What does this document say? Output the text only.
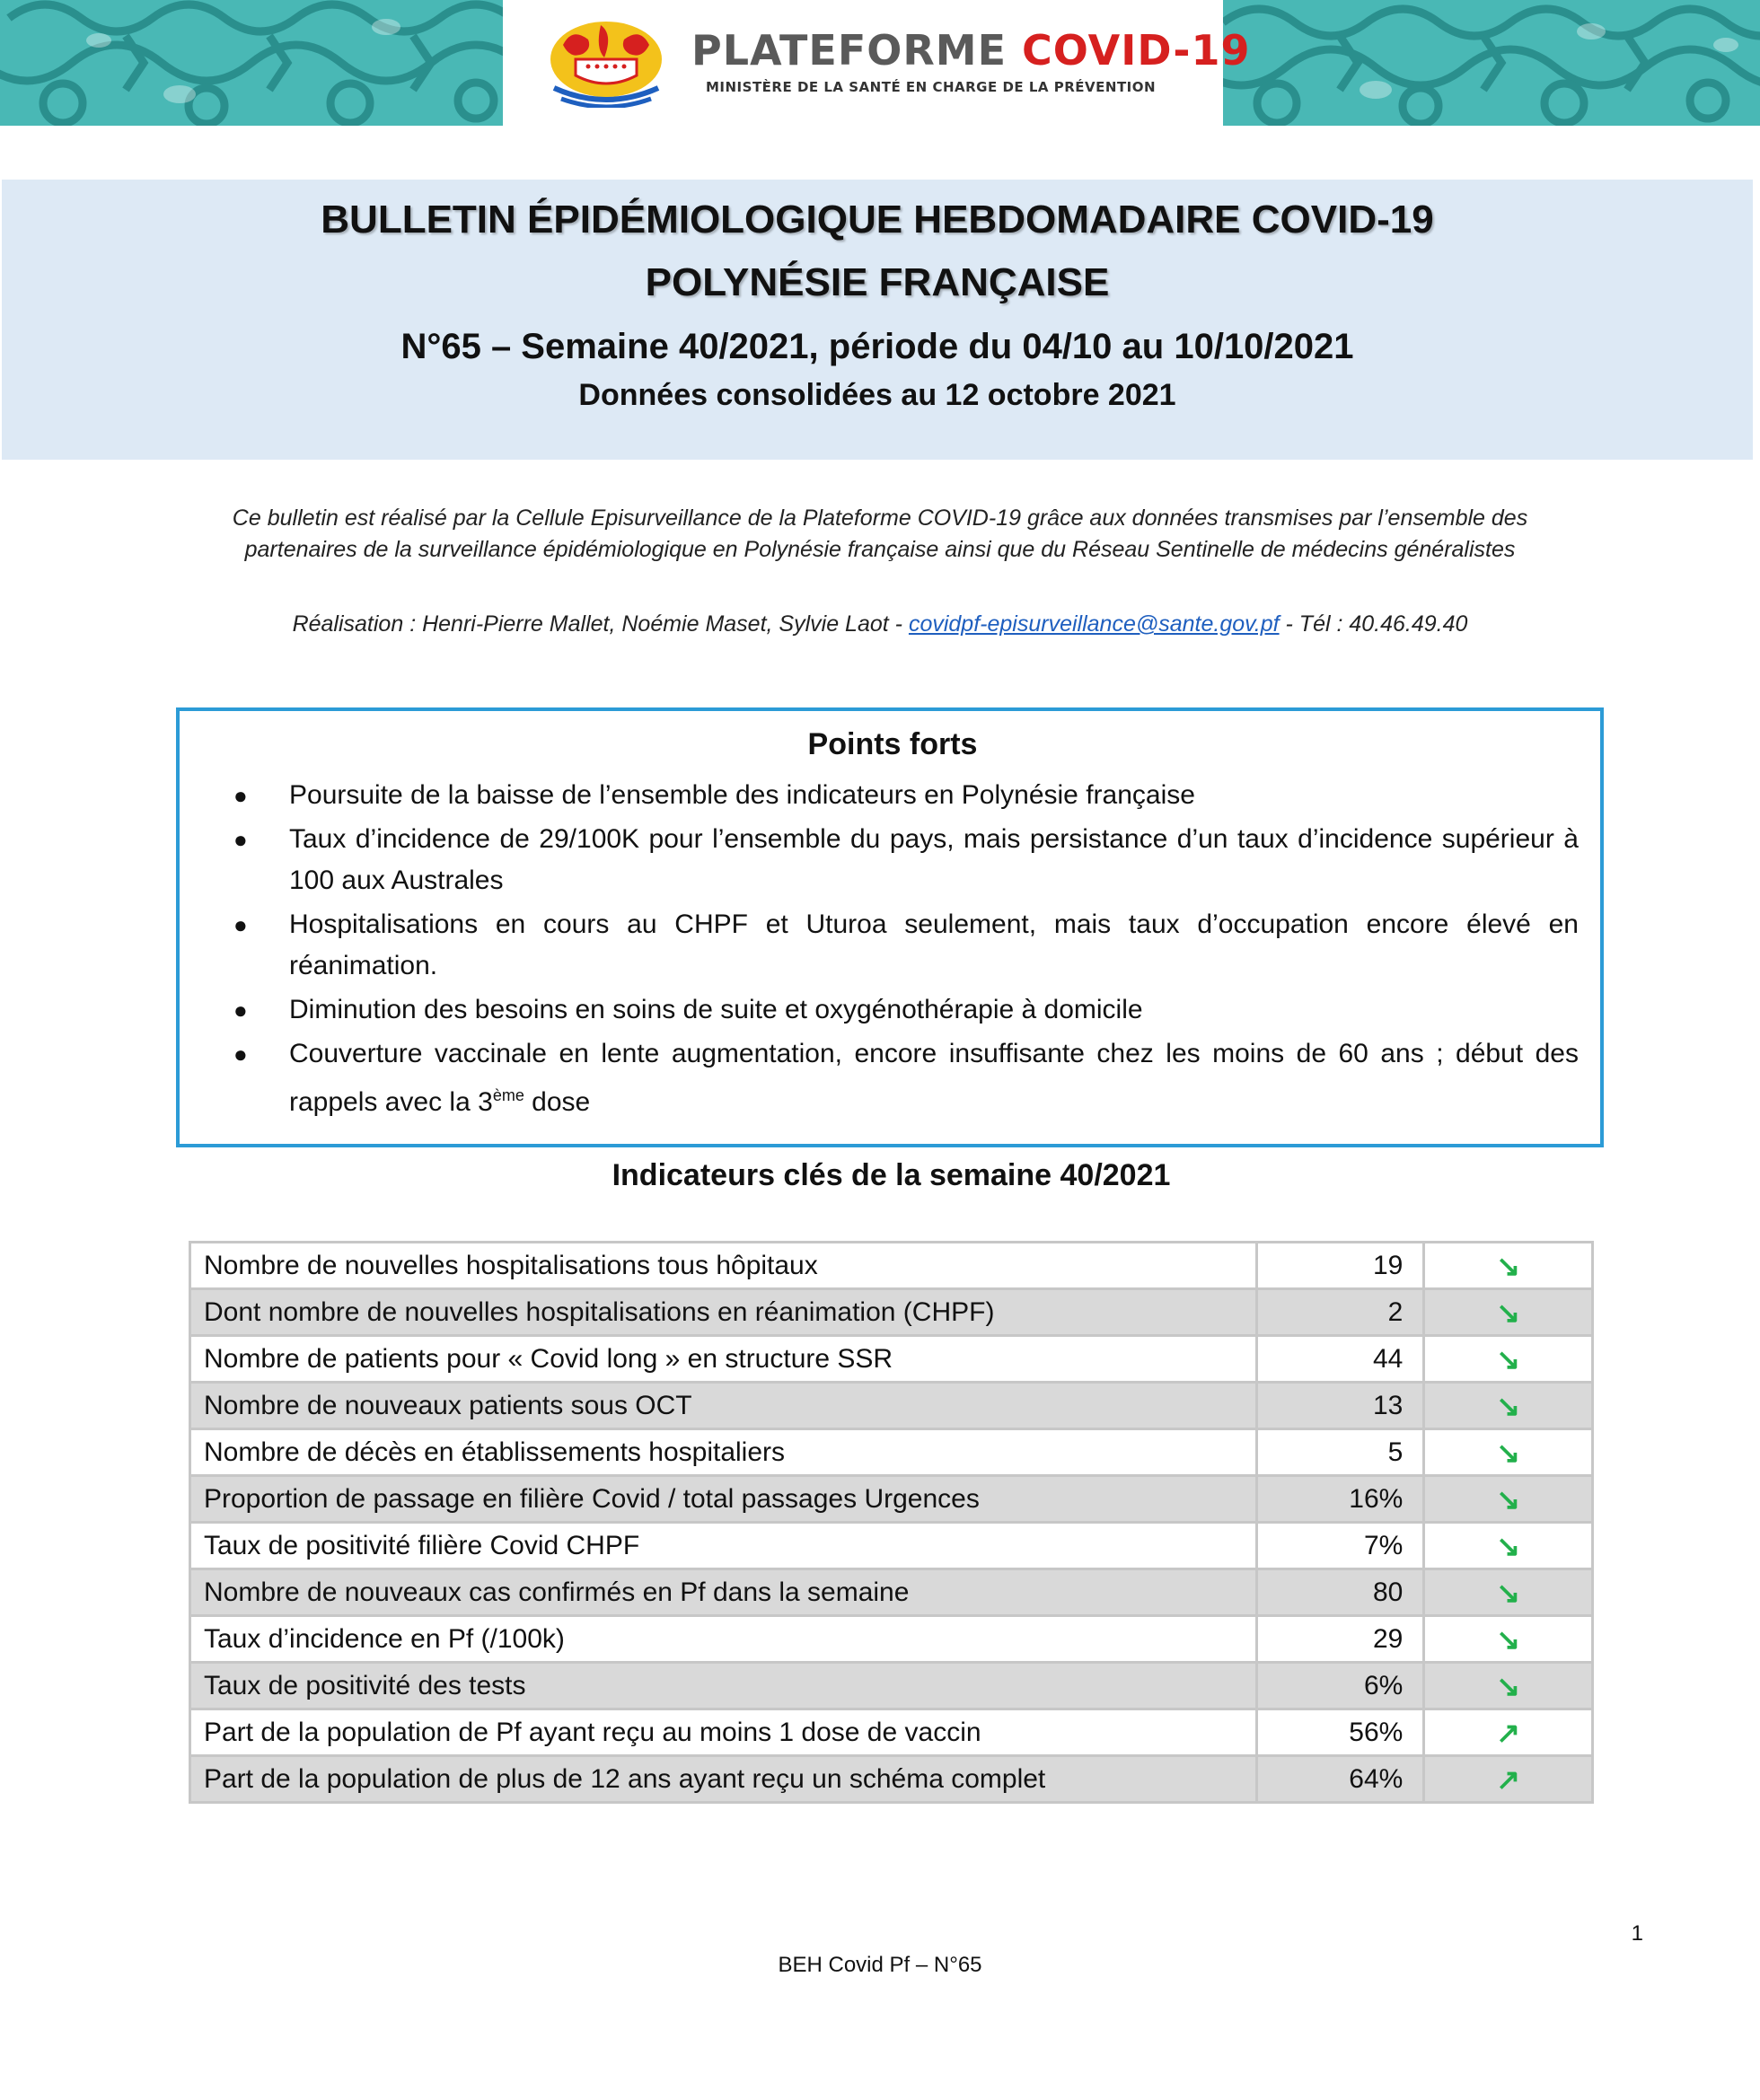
PLATEFORME COVID-19
MINISTÈRE DE LA SANTÉ EN CHARGE DE LA PRÉVENTION
BULLETIN ÉPIDÉMIOLOGIQUE HEBDOMADAIRE COVID-19
POLYNÉSIE FRANÇAISE
N°65 – Semaine 40/2021, période du 04/10 au 10/10/2021
Données consolidées au 12 octobre 2021
Ce bulletin est réalisé par la Cellule Episurveillance de la Plateforme COVID-19 grâce aux données transmises par l’ensemble des
partenaires de la surveillance épidémiologique en Polynésie française ainsi que du Réseau Sentinelle de médecins généralistes
Réalisation : Henri-Pierre Mallet, Noémie Maset, Sylvie Laot - covidpf-episurveillance@sante.gov.pf - Tél : 40.46.49.40
Points forts
● Poursuite de la baisse de l’ensemble des indicateurs en Polynésie française
● Taux d’incidence de 29/100K pour l’ensemble du pays, mais persistance d’un taux d’incidence supérieur à 100 aux Australes
● Hospitalisations en cours au CHPF et Uturoa seulement, mais taux d’occupation encore élevé en réanimation.
● Diminution des besoins en soins de suite et oxygénothérapie à domicile
● Couverture vaccinale en lente augmentation, encore insuffisante chez les moins de 60 ans ; début des rappels avec la 3ème dose
Indicateurs clés de la semaine 40/2021
Nombre de nouvelles hospitalisations tous hôpitaux	19	↘
Dont nombre de nouvelles hospitalisations en réanimation (CHPF)	2	↘
Nombre de patients pour « Covid long » en structure SSR	44	↘
Nombre de nouveaux patients sous OCT	13	↘
Nombre de décès en établissements hospitaliers	5	↘
Proportion de passage en filière Covid / total passages Urgences	16%	↘
Taux de positivité filière Covid CHPF	7%	↘
Nombre de nouveaux cas confirmés en Pf dans la semaine	80	↘
Taux d’incidence en Pf (/100k)	29	↘
Taux de positivité des tests	6%	↘
Part de la population de Pf ayant reçu au moins 1 dose de vaccin	56%	↗
Part de la population de plus de 12 ans ayant reçu un schéma complet	64%	↗
1
BEH Covid Pf – N°65
